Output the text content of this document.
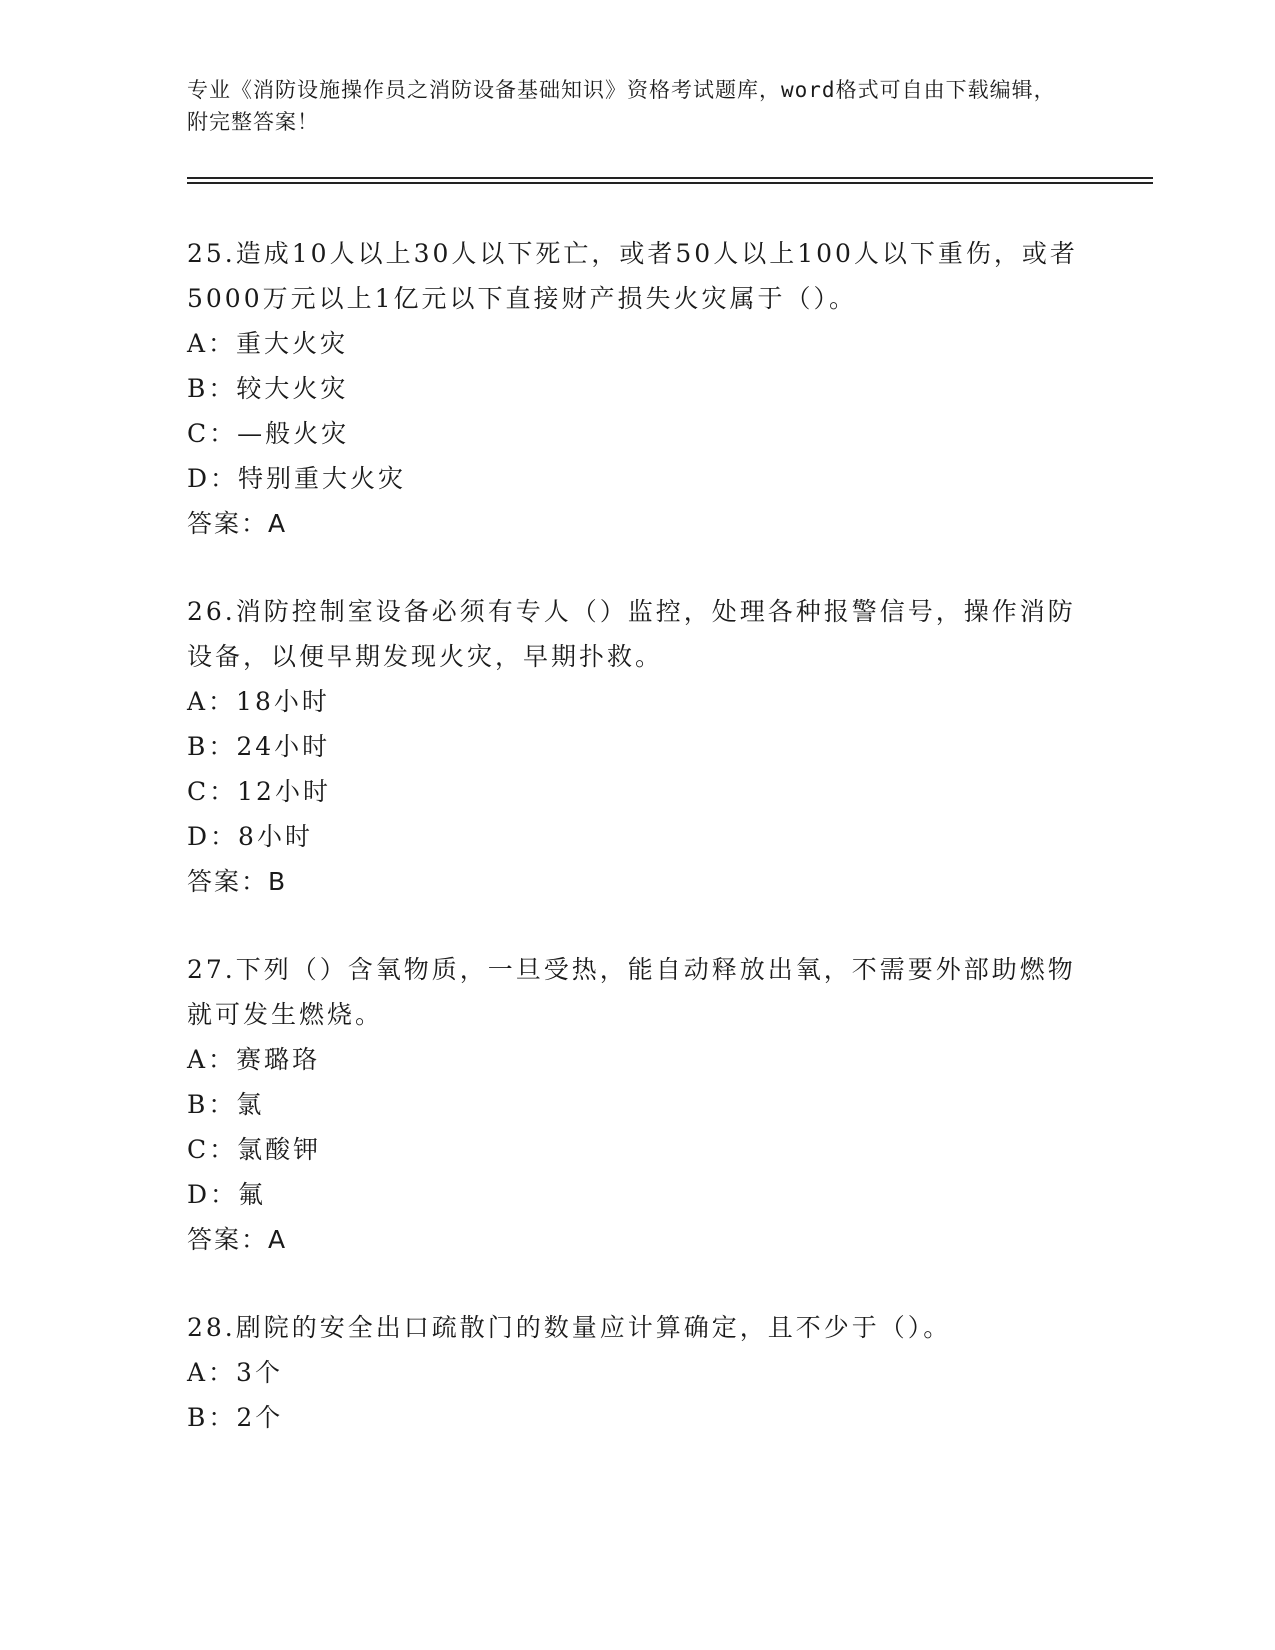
专业《消防设施操作员之消防设备基础知识》资格考试题库，word格式可自由下载编辑，附完整答案！

25.造成10人以上30人以下死亡，或者50人以上100人以下重伤，或者5000万元以上1亿元以下直接财产损失火灾属于（）。

A：重大火灾

B：较大火灾

C：—般火灾

D：特别重大火灾

答案：A

26.消防控制室设备必须有专人（）监控，处理各种报警信号，操作消防设备，以便早期发现火灾，早期扑救。

A：18小时

B：24小时

C：12小时

D：8小时

答案：B

27.下列（）含氧物质，一旦受热，能自动释放出氧，不需要外部助燃物就可发生燃烧。

A：赛璐珞

B：氯

C：氯酸钾

D：氟

答案：A

28.剧院的安全出口疏散门的数量应计算确定，且不少于（）。

A：3个

B：2个
